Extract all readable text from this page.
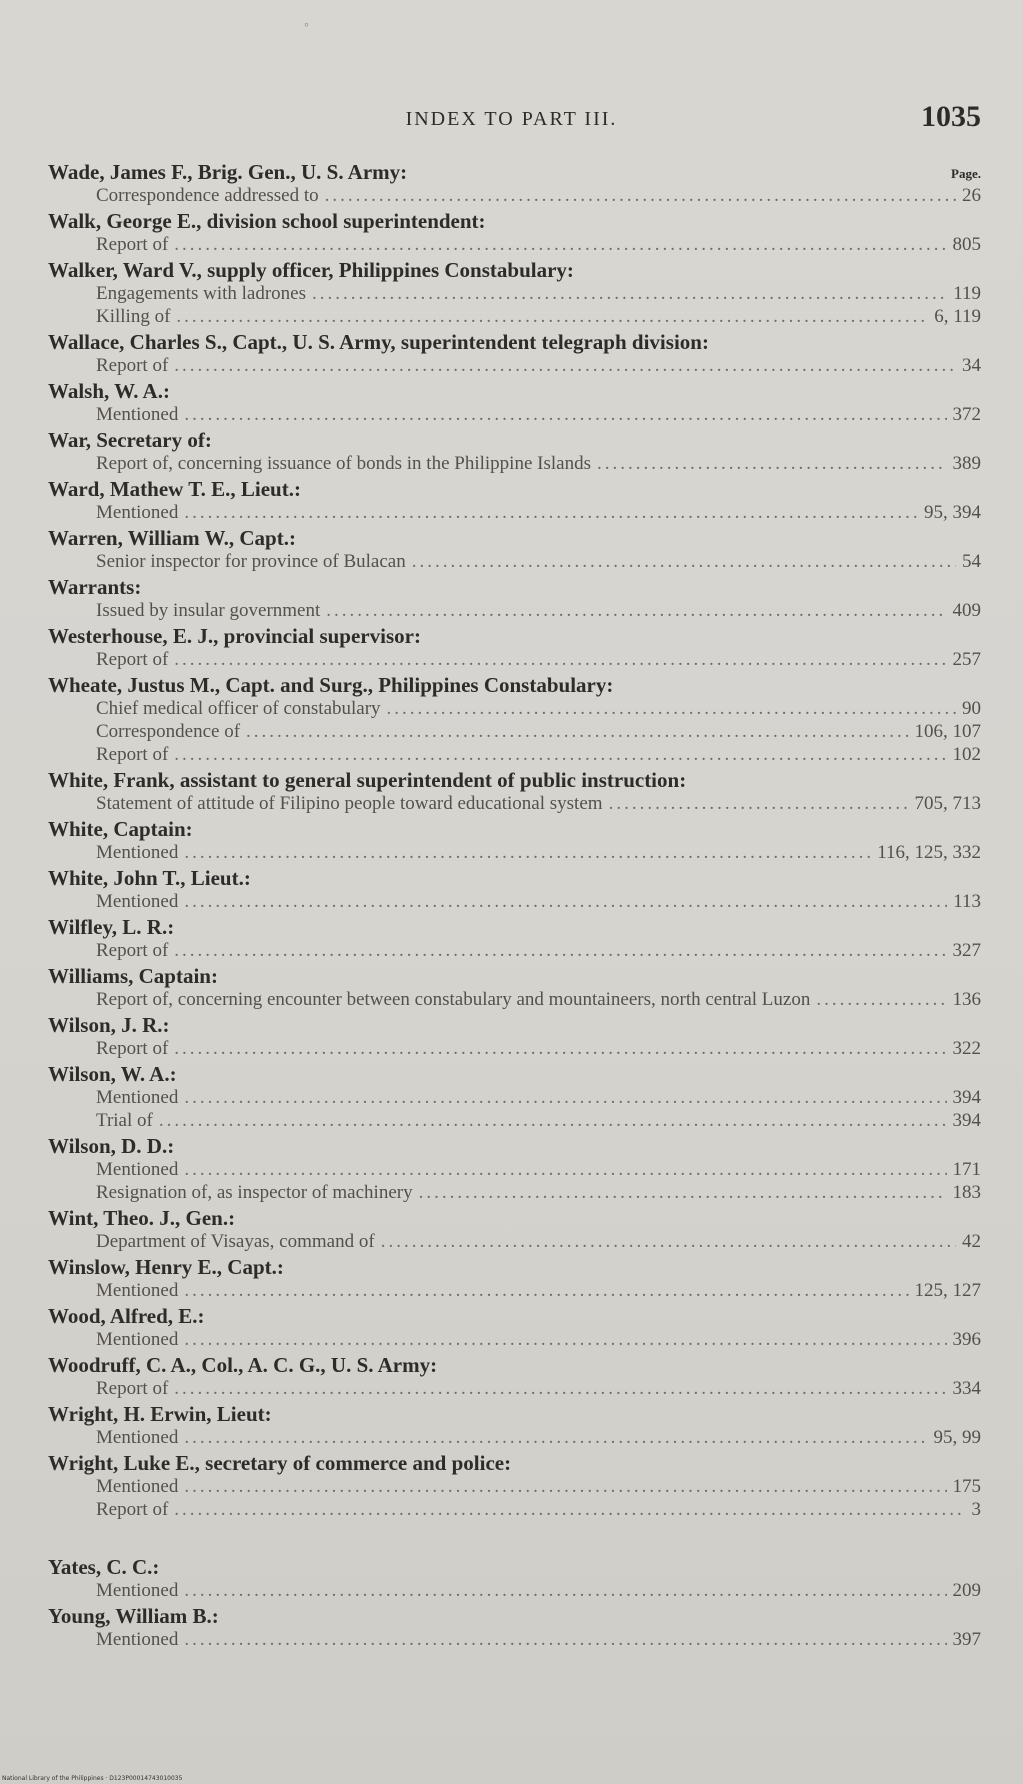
◦
INDEX TO PART III.	1035
Wade, James F., Brig. Gen., U. S. Army:	Page.
Correspondence addressed to .....	26
Walk, George E., division school superintendent:
Report of .....	805
Walker, Ward V., supply officer, Philippines Constabulary:
Engagements with ladrones .....	119
Killing of .....	6, 119
Wallace, Charles S., Capt., U. S. Army, superintendent telegraph division:
Report of .....	34
Walsh, W. A.:
Mentioned .....	372
War, Secretary of:
Report of, concerning issuance of bonds in the Philippine Islands .....	389
Ward, Mathew T. E., Lieut.:
Mentioned .....	95, 394
Warren, William W., Capt.:
Senior inspector for province of Bulacan .....	54
Warrants:
Issued by insular government .....	409
Westerhouse, E. J., provincial supervisor:
Report of .....	257
Wheate, Justus M., Capt. and Surg., Philippines Constabulary:
Chief medical officer of constabulary .....	90
Correspondence of .....	106, 107
Report of .....	102
White, Frank, assistant to general superintendent of public instruction:
Statement of attitude of Filipino people toward educational system .....	705, 713
White, Captain:
Mentioned .....	116, 125, 332
White, John T., Lieut.:
Mentioned .....	113
Wilfley, L. R.:
Report of .....	327
Williams, Captain:
Report of, concerning encounter between constabulary and mountaineers, north central Luzon .....	136
Wilson, J. R.:
Report of .....	322
Wilson, W. A.:
Mentioned .....	394
Trial of .....	394
Wilson, D. D.:
Mentioned .....	171
Resignation of, as inspector of machinery .....	183
Wint, Theo. J., Gen.:
Department of Visayas, command of .....	42
Winslow, Henry E., Capt.:
Mentioned .....	125, 127
Wood, Alfred, E.:
Mentioned .....	396
Woodruff, C. A., Col., A. C. G., U. S. Army:
Report of .....	334
Wright, H. Erwin, Lieut:
Mentioned .....	95, 99
Wright, Luke E., secretary of commerce and police:
Mentioned .....	175
Report of .....	3
Yates, C. C.:
Mentioned .....	209
Young, William B.:
Mentioned .....	397
National Library of the Philippines · D123P00014743010035
